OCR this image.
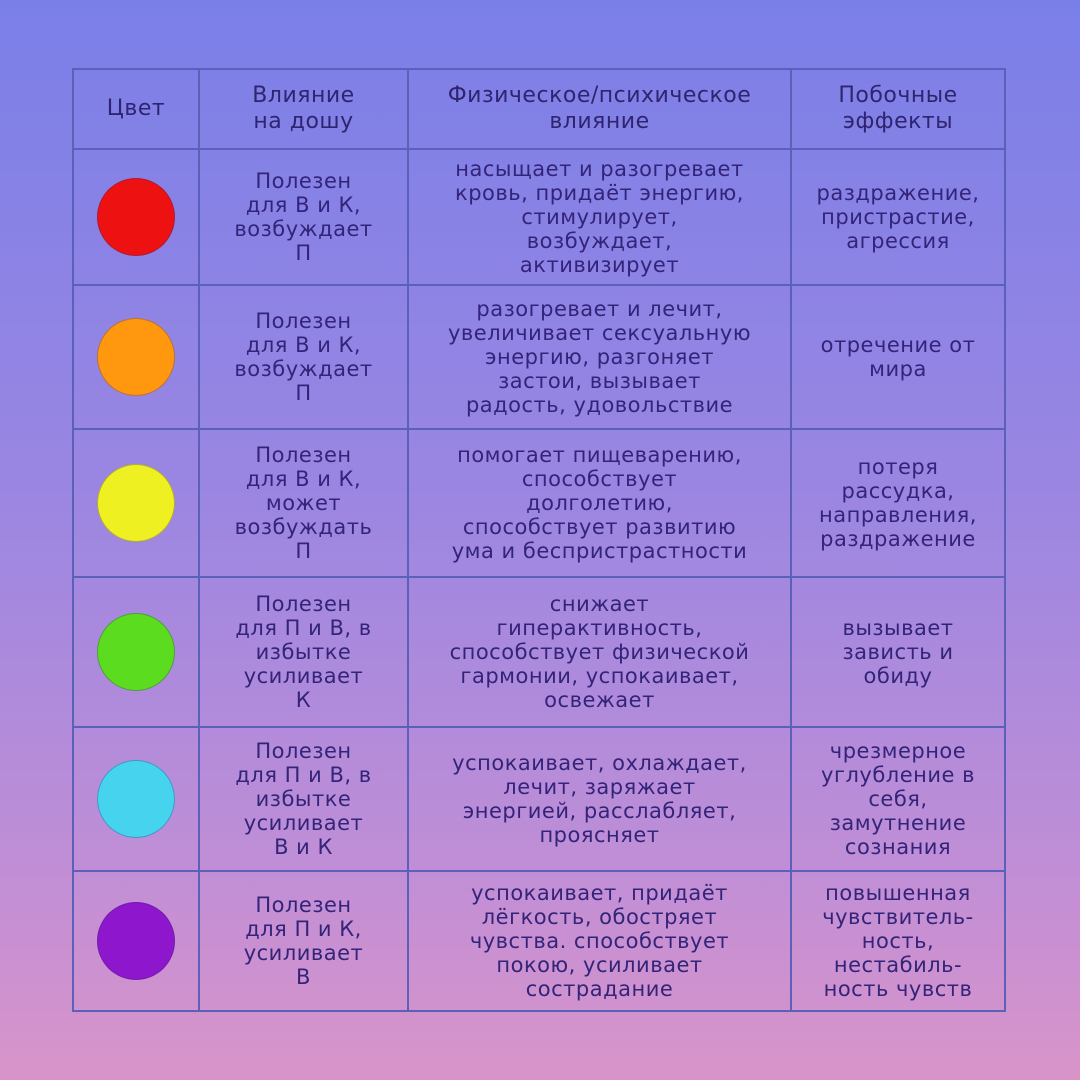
Цвет
Влияние
на дошу
Физическое/психическое
влияние
Побочные
эффекты
Полезен
для В и К,
возбуждает
П
насыщает и разогревает
кровь, придаёт энергию,
стимулирует,
возбуждает,
активизирует
раздражение,
пристрастие,
агрессия
Полезен
для В и К,
возбуждает
П
разогревает и лечит,
увеличивает сексуальную
энергию, разгоняет
застои, вызывает
радость, удовольствие
отречение от
мира
Полезен
для В и К,
может
возбуждать
П
помогает пищеварению,
способствует
долголетию,
способствует развитию
ума и беспристрастности
потеря
рассудка,
направления,
раздражение
Полезен
для П и В, в
избытке
усиливает
К
снижает
гиперактивность,
способствует физической
гармонии, успокаивает,
освежает
вызывает
зависть и
обиду
Полезен
для П и В, в
избытке
усиливает
В и К
успокаивает, охлаждает,
лечит, заряжает
энергией, расслабляет,
проясняет
чрезмерное
углубление в
себя,
замутнение
сознания
Полезен
для П и К,
усиливает
В
успокаивает, придаёт
лёгкость, обостряет
чувства. способствует
покою, усиливает
сострадание
повышенная
чувствитель-
ность,
нестабиль-
ность чувств
